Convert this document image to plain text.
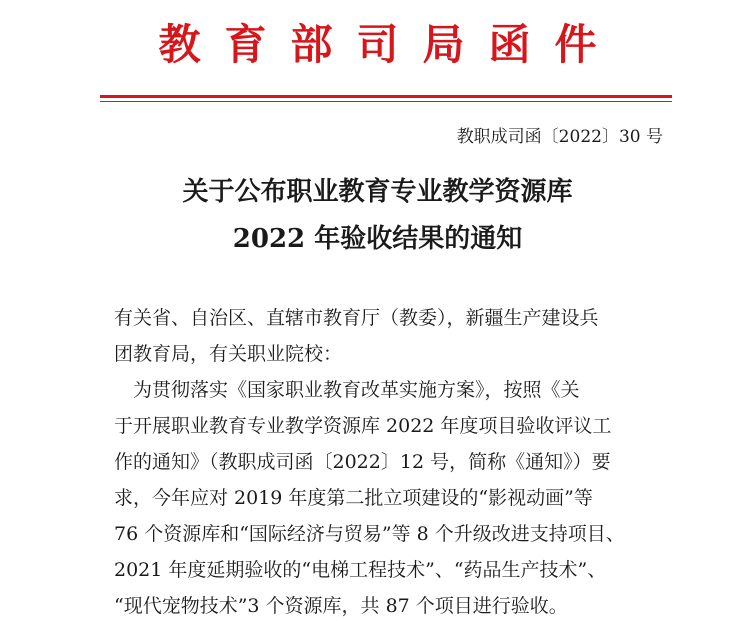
教育部司局函件
教职成司函〔2022〕30 号
关于公布职业教育专业教学资源库
2022 年验收结果的通知
有关省、自治区、直辖市教育厅（教委），新疆生产建设兵
团教育局，有关职业院校：
　为贯彻落实《国家职业教育改革实施方案》，按照《关
于开展职业教育专业教学资源库 2022 年度项目验收评议工
作的通知》（教职成司函〔2022〕12 号，简称《通知》）要
求，今年应对 2019 年度第二批立项建设的“影视动画”等
76 个资源库和“国际经济与贸易”等 8 个升级改进支持项目、
2021 年度延期验收的“电梯工程技术”、“药品生产技术”、
“现代宠物技术”3 个资源库，共 87 个项目进行验收。
